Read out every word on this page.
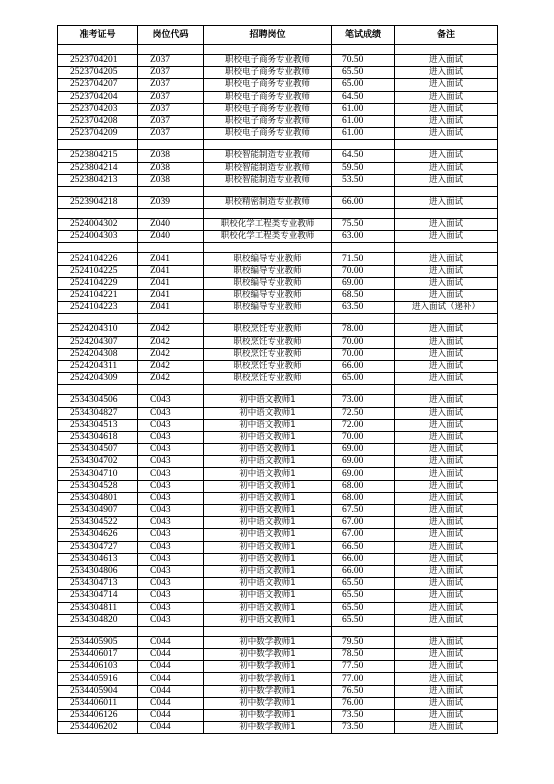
准考证号	岗位代码	招聘岗位	笔试成绩	备注

2523704201	Z037	职校电子商务专业教师	70.50	进入面试
2523704205	Z037	职校电子商务专业教师	65.50	进入面试
2523704207	Z037	职校电子商务专业教师	65.00	进入面试
2523704204	Z037	职校电子商务专业教师	64.50	进入面试
2523704203	Z037	职校电子商务专业教师	61.00	进入面试
2523704208	Z037	职校电子商务专业教师	61.00	进入面试
2523704209	Z037	职校电子商务专业教师	61.00	进入面试

2523804215	Z038	职校智能制造专业教师	64.50	进入面试
2523804214	Z038	职校智能制造专业教师	59.50	进入面试
2523804213	Z038	职校智能制造专业教师	53.50	进入面试

2523904218	Z039	职校精密制造专业教师	66.00	进入面试

2524004302	Z040	职校化学工程类专业教师	75.50	进入面试
2524004303	Z040	职校化学工程类专业教师	63.00	进入面试

2524104226	Z041	职校编导专业教师	71.50	进入面试
2524104225	Z041	职校编导专业教师	70.00	进入面试
2524104229	Z041	职校编导专业教师	69.00	进入面试
2524104221	Z041	职校编导专业教师	68.50	进入面试
2524104223	Z041	职校编导专业教师	63.50	进入面试（递补）

2524204310	Z042	职校烹饪专业教师	78.00	进入面试
2524204307	Z042	职校烹饪专业教师	70.00	进入面试
2524204308	Z042	职校烹饪专业教师	70.00	进入面试
2524204311	Z042	职校烹饪专业教师	66.00	进入面试
2524204309	Z042	职校烹饪专业教师	65.00	进入面试

2534304506	C043	初中语文教师1	73.00	进入面试
2534304827	C043	初中语文教师1	72.50	进入面试
2534304513	C043	初中语文教师1	72.00	进入面试
2534304618	C043	初中语文教师1	70.00	进入面试
2534304507	C043	初中语文教师1	69.00	进入面试
2534304702	C043	初中语文教师1	69.00	进入面试
2534304710	C043	初中语文教师1	69.00	进入面试
2534304528	C043	初中语文教师1	68.00	进入面试
2534304801	C043	初中语文教师1	68.00	进入面试
2534304907	C043	初中语文教师1	67.50	进入面试
2534304522	C043	初中语文教师1	67.00	进入面试
2534304626	C043	初中语文教师1	67.00	进入面试
2534304727	C043	初中语文教师1	66.50	进入面试
2534304613	C043	初中语文教师1	66.00	进入面试
2534304806	C043	初中语文教师1	66.00	进入面试
2534304713	C043	初中语文教师1	65.50	进入面试
2534304714	C043	初中语文教师1	65.50	进入面试
2534304811	C043	初中语文教师1	65.50	进入面试
2534304820	C043	初中语文教师1	65.50	进入面试

2534405905	C044	初中数学教师1	79.50	进入面试
2534406017	C044	初中数学教师1	78.50	进入面试
2534406103	C044	初中数学教师1	77.50	进入面试
2534405916	C044	初中数学教师1	77.00	进入面试
2534405904	C044	初中数学教师1	76.50	进入面试
2534406011	C044	初中数学教师1	76.00	进入面试
2534406126	C044	初中数学教师1	73.50	进入面试
2534406202	C044	初中数学教师1	73.50	进入面试
